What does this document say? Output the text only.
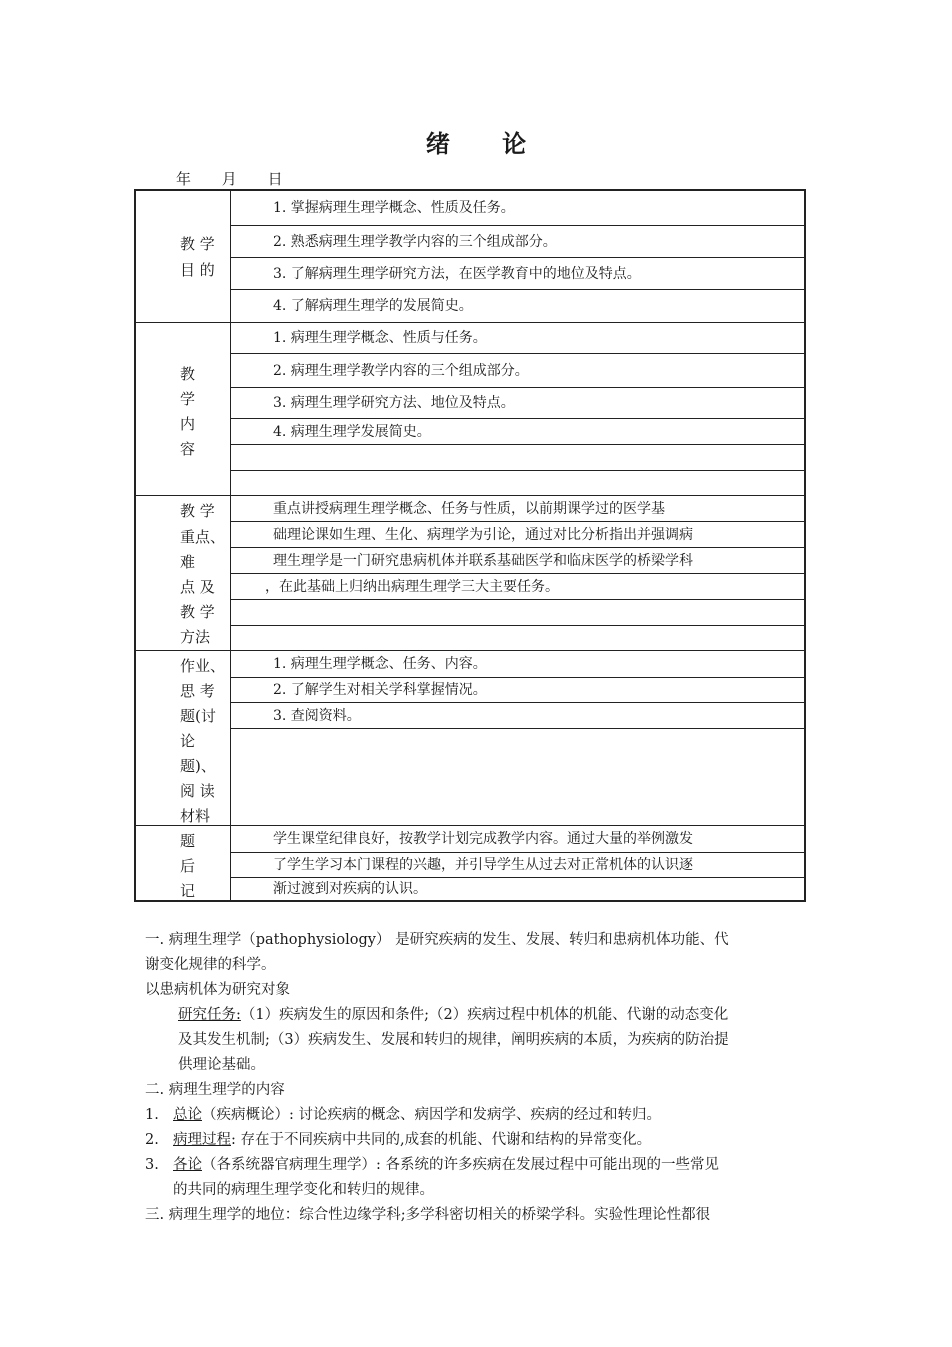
绪 论
年 月 日
教 学
目 的
1. 掌握病理生理学概念、性质及任务。
2. 熟悉病理生理学教学内容的三个组成部分。
3. 了解病理生理学研究方法，在医学教育中的地位及特点。
4. 了解病理生理学的发展简史。
教
学
内
容
1. 病理生理学概念、性质与任务。
2. 病理生理学教学内容的三个组成部分。
3. 病理生理学研究方法、地位及特点。
4. 病理生理学发展简史。
教 学
重点、
难
点 及
教 学
方法
重点讲授病理生理学概念、任务与性质，以前期课学过的医学基
础理论课如生理、生化、病理学为引论，通过对比分析指出并强调病
理生理学是一门研究患病机体并联系基础医学和临床医学的桥梁学科
，在此基础上归纳出病理生理学三大主要任务。
作业、
思 考
题(讨
论
题)、
阅 读
材料
1. 病理生理学概念、任务、内容。
2. 了解学生对相关学科掌握情况。
3. 查阅资料。
题
后
记
学生课堂纪律良好，按教学计划完成教学内容。通过大量的举例激发
了学生学习本门课程的兴趣，并引导学生从过去对正常机体的认识逐
渐过渡到对疾病的认识。

一. 病理生理学（pathophysiology） 是研究疾病的发生、发展、转归和患病机体功能、代

谢变化规律的科学。

以患病机体为研究对象

研究任务:（1）疾病发生的原因和条件;（2）疾病过程中机体的机能、代谢的动态变化

及其发生机制;（3）疾病发生、发展和转归的规律，阐明疾病的本质，为疾病的防治提

供理论基础。

二. 病理生理学的内容

1. 总论（疾病概论）: 讨论疾病的概念、病因学和发病学、疾病的经过和转归。

2. 病理过程: 存在于不同疾病中共同的,成套的机能、代谢和结构的异常变化。

3. 各论（各系统器官病理生理学）: 各系统的许多疾病在发展过程中可能出现的一些常见

的共同的病理生理学变化和转归的规律。

三. 病理生理学的地位：综合性边缘学科;多学科密切相关的桥梁学科。实验性理论性都很
